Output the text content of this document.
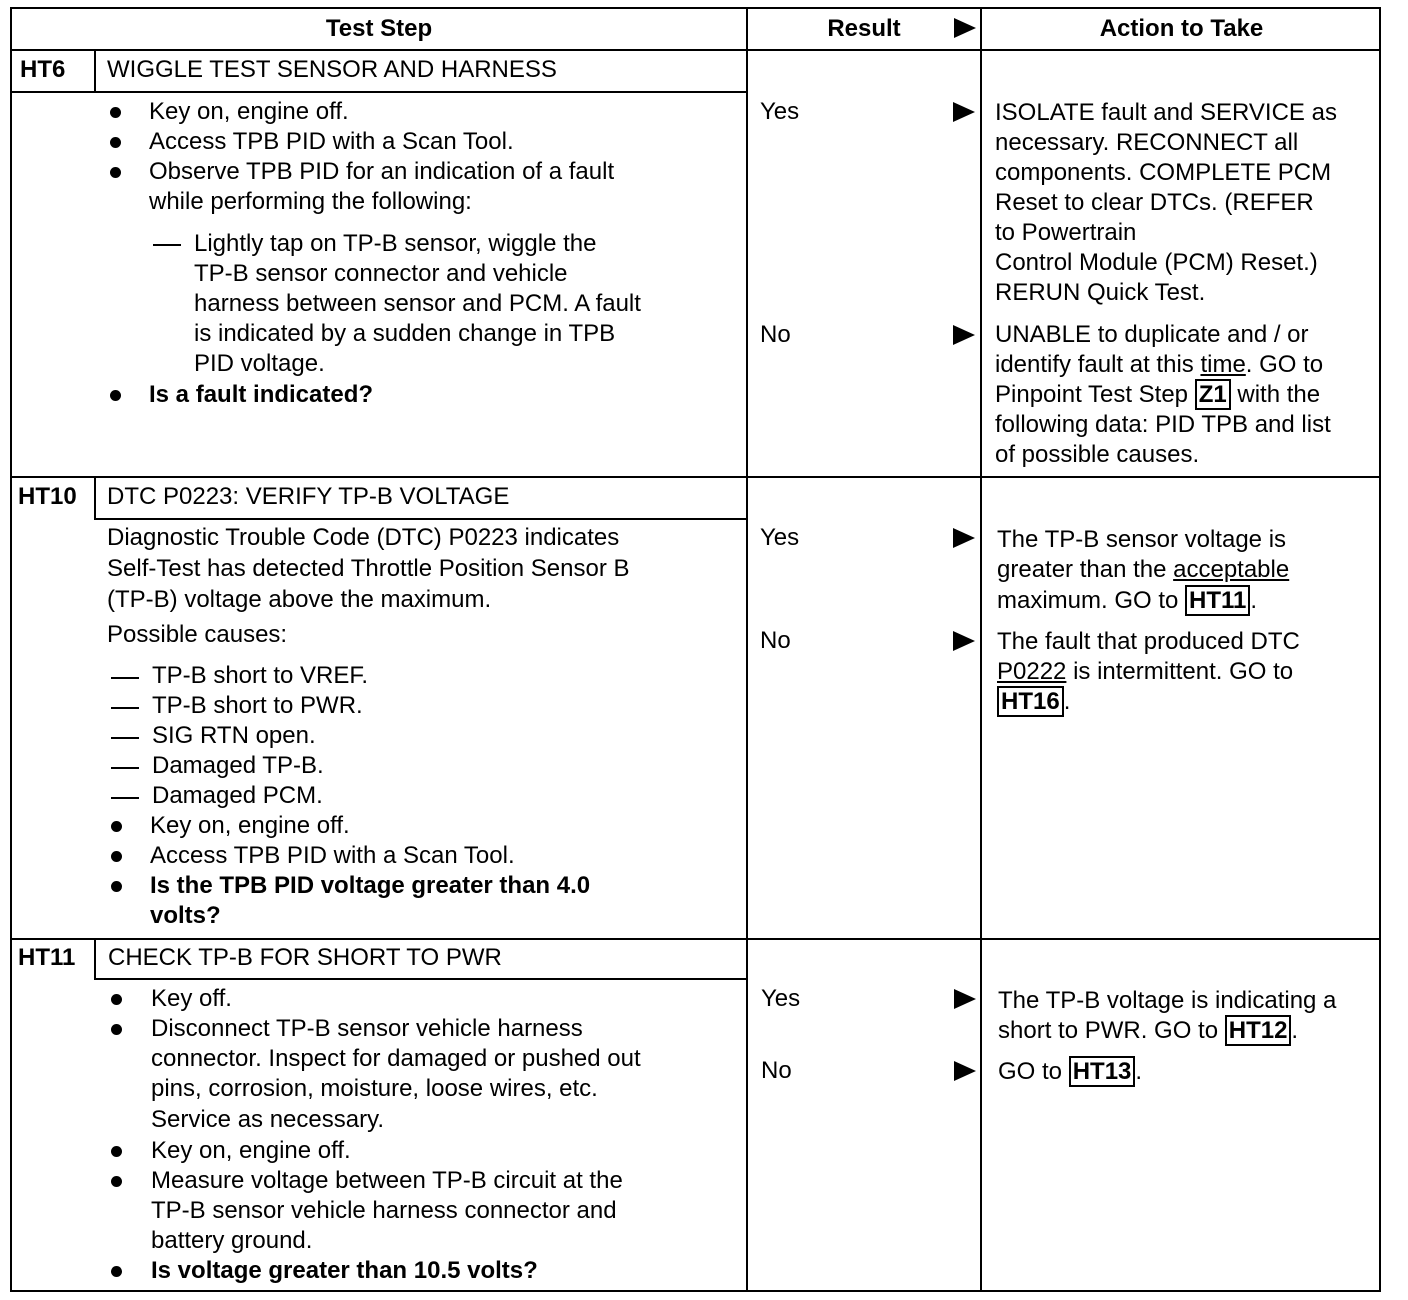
Test Step	Result	Action to Take
HT6 WIGGLE TEST SENSOR AND HARNESS
Key on, engine off.
Access TPB PID with a Scan Tool.
Observe TPB PID for an indication of a fault
while performing the following:
Lightly tap on TP-B sensor, wiggle the
TP-B sensor connector and vehicle
harness between sensor and PCM. A fault
is indicated by a sudden change in TPB
PID voltage.
Is a fault indicated?
Yes
No
ISOLATE fault and SERVICE as
necessary. RECONNECT all
components. COMPLETE PCM
Reset to clear DTCs. (REFER
to Powertrain
Control Module (PCM) Reset.)
RERUN Quick Test.
UNABLE to duplicate and / or
identify fault at this time. GO to
Pinpoint Test Step Z1 with the
following data: PID TPB and list
of possible causes.
HT10 DTC P0223: VERIFY TP-B VOLTAGE
Diagnostic Trouble Code (DTC) P0223 indicates
Self-Test has detected Throttle Position Sensor B
(TP-B) voltage above the maximum.
Possible causes:
TP-B short to VREF.
TP-B short to PWR.
SIG RTN open.
Damaged TP-B.
Damaged PCM.
Key on, engine off.
Access TPB PID with a Scan Tool.
Is the TPB PID voltage greater than 4.0
volts?
Yes
No
The TP-B sensor voltage is
greater than the acceptable
maximum. GO to HT11 .
The fault that produced DTC
P0222 is intermittent. GO to
HT16 .
HT11 CHECK TP-B FOR SHORT TO PWR
Key off.
Disconnect TP-B sensor vehicle harness
connector. Inspect for damaged or pushed out
pins, corrosion, moisture, loose wires, etc.
Service as necessary.
Key on, engine off.
Measure voltage between TP-B circuit at the
TP-B sensor vehicle harness connector and
battery ground.
Is voltage greater than 10.5 volts?
Yes
No
The TP-B voltage is indicating a
short to PWR. GO to HT12 .
GO to HT13 .
